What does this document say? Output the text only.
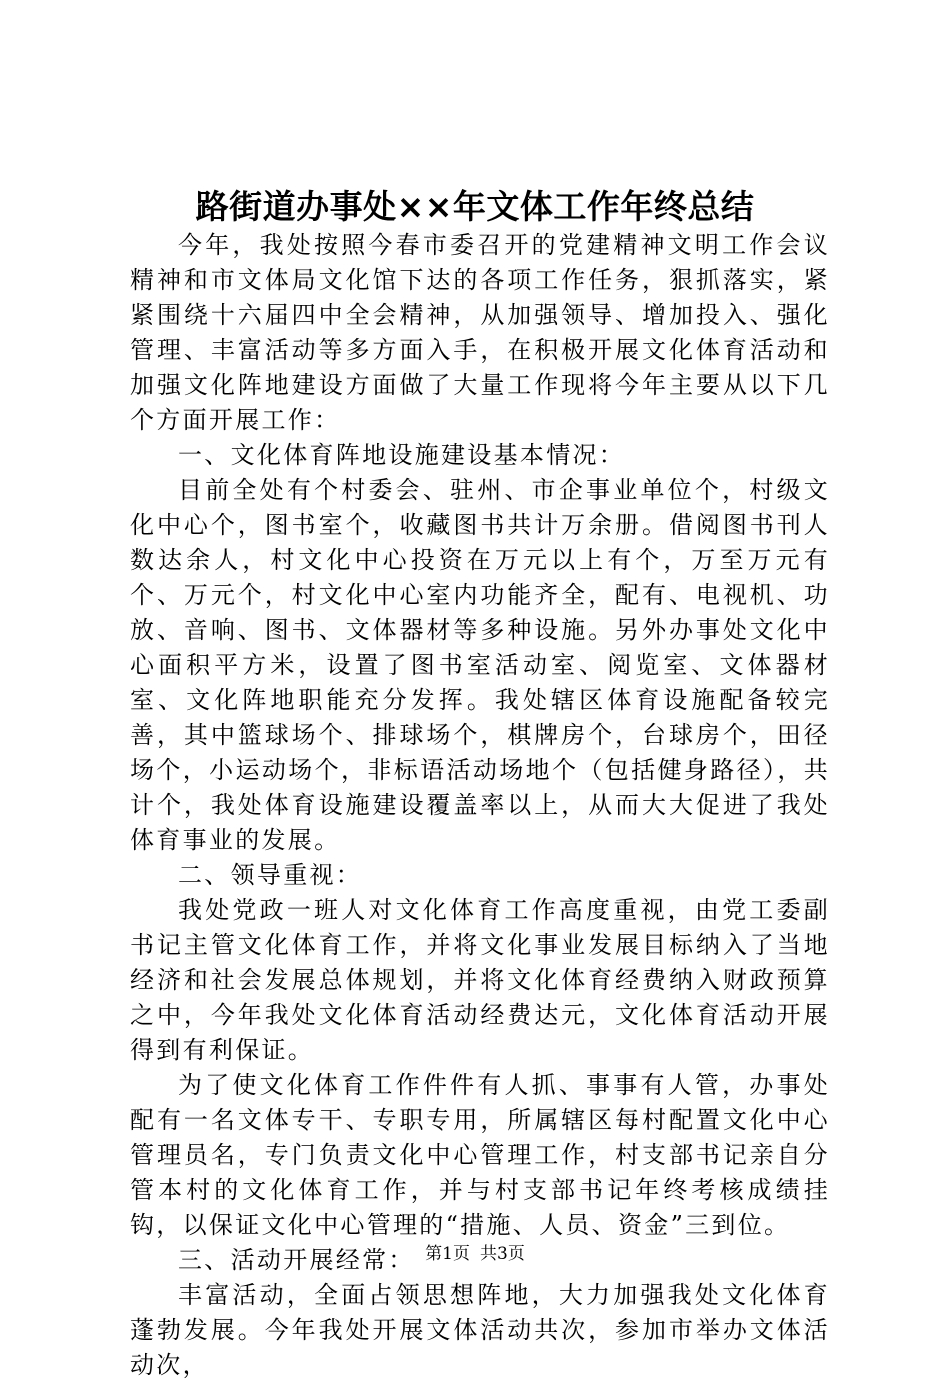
路街道办事处××年文体工作年终总结

今年，我处按照今春市委召开的党建精神文明工作会议精神和市文体局文化馆下达的各项工作任务，狠抓落实，紧紧围绕十六届四中全会精神，从加强领导、增加投入、强化管理、丰富活动等多方面入手，在积极开展文化体育活动和加强文化阵地建设方面做了大量工作现将今年主要从以下几个方面开展工作：

一、文化体育阵地设施建设基本情况：

目前全处有个村委会、驻州、市企事业单位个，村级文化中心个，图书室个，收藏图书共计万余册。借阅图书刊人数达余人，村文化中心投资在万元以上有个，万至万元有个、万元个，村文化中心室内功能齐全，配有、电视机、功放、音响、图书、文体器材等多种设施。另外办事处文化中心面积平方米，设置了图书室活动室、阅览室、文体器材室、文化阵地职能充分发挥。我处辖区体育设施配备较完善，其中篮球场个、排球场个，棋牌房个，台球房个，田径场个，小运动场个，非标语活动场地个（包括健身路径），共计个，我处体育设施建设覆盖率以上，从而大大促进了我处体育事业的发展。

二、领导重视：

我处党政一班人对文化体育工作高度重视，由党工委副书记主管文化体育工作，并将文化事业发展目标纳入了当地经济和社会发展总体规划，并将文化体育经费纳入财政预算之中，今年我处文化体育活动经费达元，文化体育活动开展得到有利保证。

为了使文化体育工作件件有人抓、事事有人管，办事处配有一名文体专干、专职专用，所属辖区每村配置文化中心管理员名，专门负责文化中心管理工作，村支部书记亲自分管本村的文化体育工作，并与村支部书记年终考核成绩挂钩，以保证文化中心管理的“措施、人员、资金”三到位。

三、活动开展经常：

丰富活动，全面占领思想阵地，大力加强我处文化体育蓬勃发展。今年我处开展文体活动共次，参加市举办文体活动次，

第1页 共3页
